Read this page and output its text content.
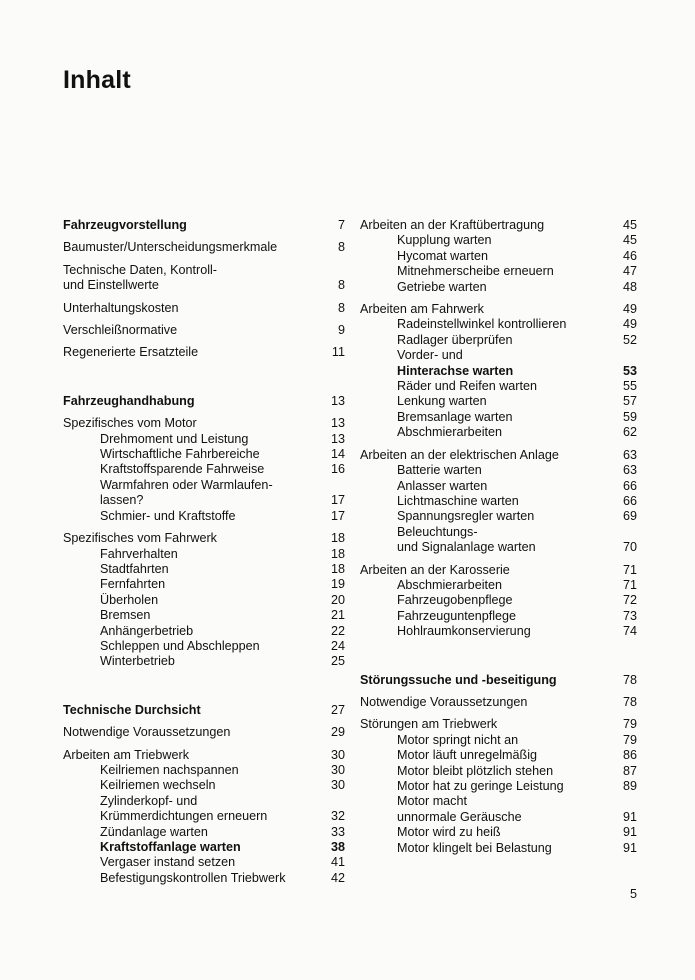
Inhalt
Fahrzeugvorstellung	7
Baumuster/Unterscheidungsmerkmale	8
Technische Daten, Kontroll-
und Einstellwerte	8
Unterhaltungskosten	8
Verschleißnormative	9
Regenerierte Ersatzteile	11
Fahrzeughandhabung	13
Spezifisches vom Motor	13
Drehmoment und Leistung	13
Wirtschaftliche Fahrbereiche	14
Kraftstoffsparende Fahrweise	16
Warmfahren oder Warmlaufen-
lassen?	17
Schmier- und Kraftstoffe	17
Spezifisches vom Fahrwerk	18
Fahrverhalten	18
Stadtfahrten	18
Fernfahrten	19
Überholen	20
Bremsen	21
Anhängerbetrieb	22
Schleppen und Abschleppen	24
Winterbetrieb	25
Technische Durchsicht	27
Notwendige Voraussetzungen	29
Arbeiten am Triebwerk	30
Keilriemen nachspannen	30
Keilriemen wechseln	30
Zylinderkopf- und
Krümmerdichtungen erneuern	32
Zündanlage warten	33
Kraftstoffanlage warten	38
Vergaser instand setzen	41
Befestigungskontrollen Triebwerk	42
Arbeiten an der Kraftübertragung	45
Kupplung warten	45
Hycomat warten	46
Mitnehmerscheibe erneuern	47
Getriebe warten	48
Arbeiten am Fahrwerk	49
Radeinstellwinkel kontrollieren	49
Radlager überprüfen	52
Vorder- und
Hinterachse warten	53
Räder und Reifen warten	55
Lenkung warten	57
Bremsanlage warten	59
Abschmierarbeiten	62
Arbeiten an der elektrischen Anlage	63
Batterie warten	63
Anlasser warten	66
Lichtmaschine warten	66
Spannungsregler warten	69
Beleuchtungs-
und Signalanlage warten	70
Arbeiten an der Karosserie	71
Abschmierarbeiten	71
Fahrzeugobenpflege	72
Fahrzeuguntenpflege	73
Hohlraumkonservierung	74
Störungssuche und -beseitigung	78
Notwendige Voraussetzungen	78
Störungen am Triebwerk	79
Motor springt nicht an	79
Motor läuft unregelmäßig	86
Motor bleibt plötzlich stehen	87
Motor hat zu geringe Leistung	89
Motor macht
unnormale Geräusche	91
Motor wird zu heiß	91
Motor klingelt bei Belastung	91
5
